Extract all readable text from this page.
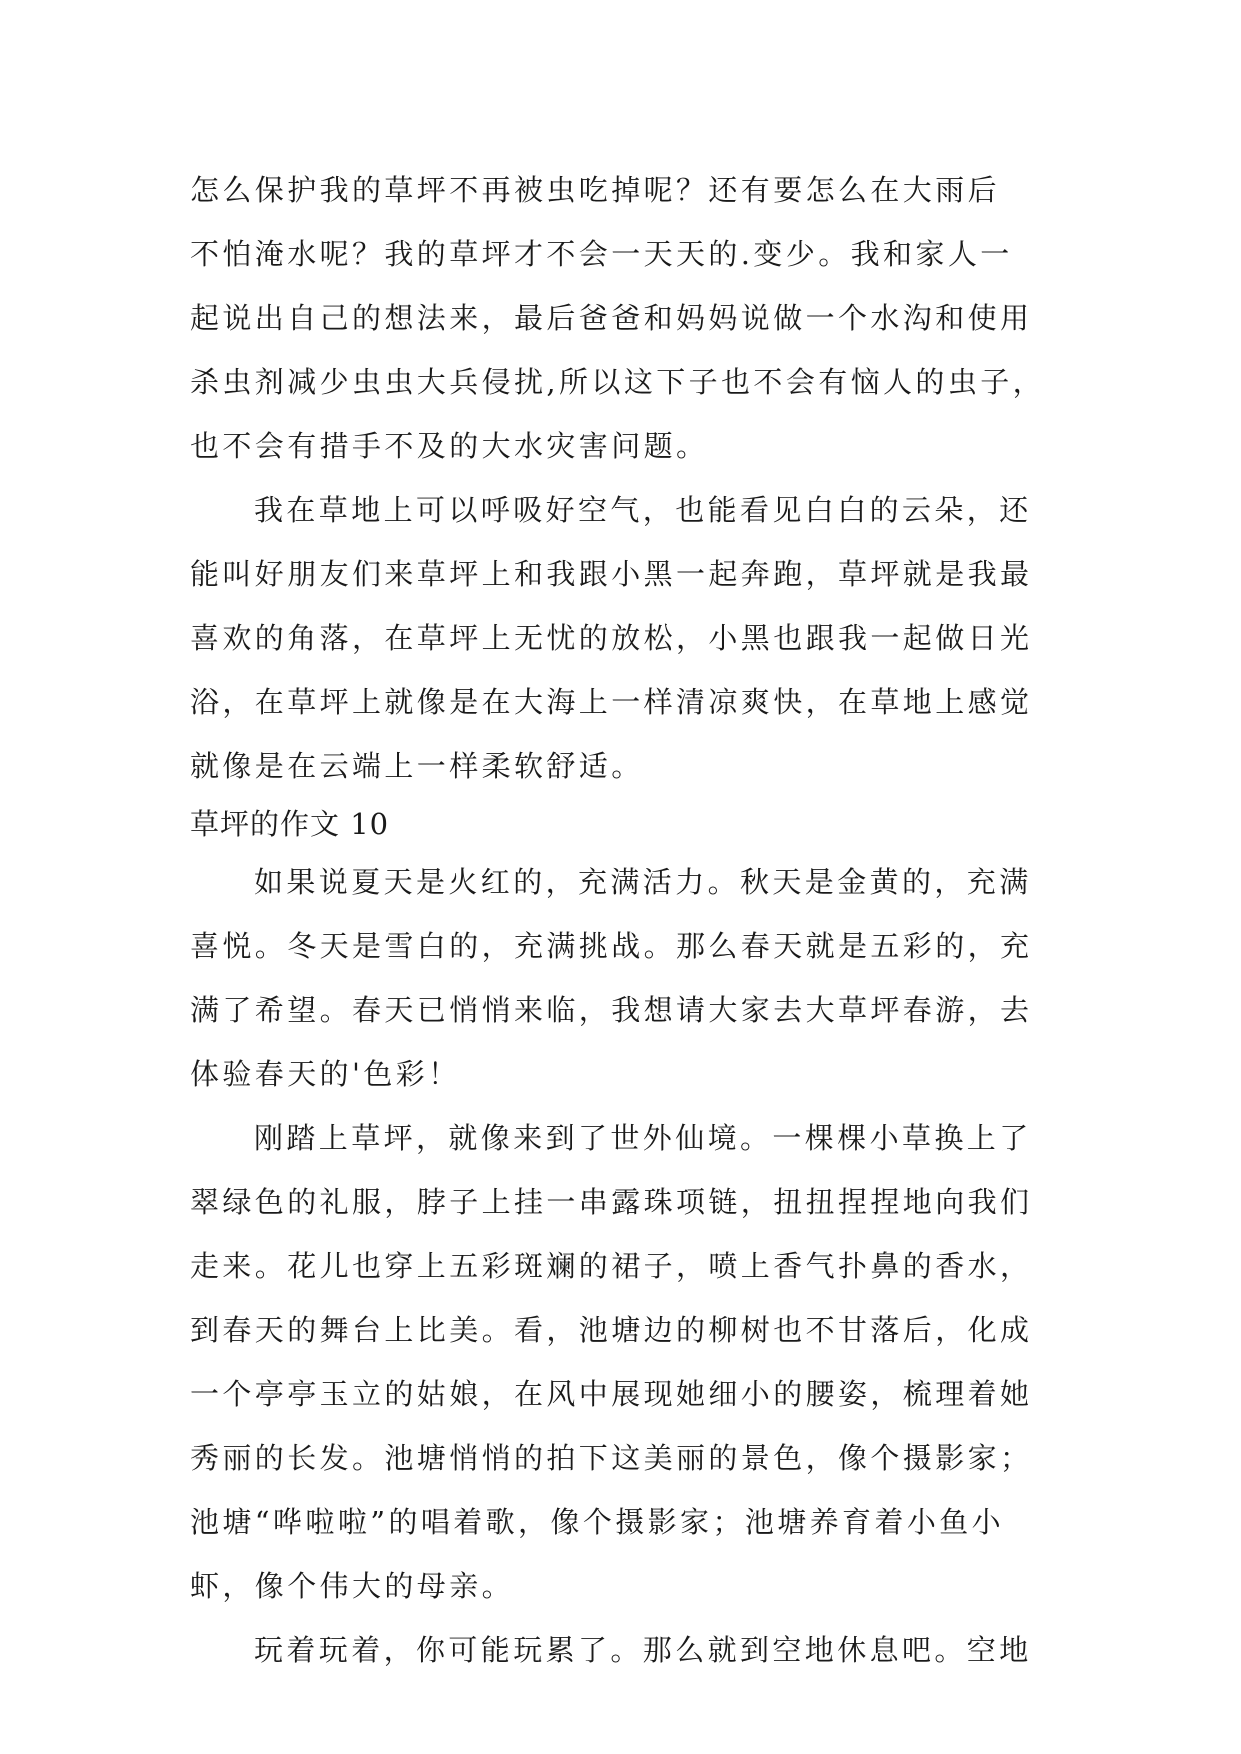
怎么保护我的草坪不再被虫吃掉呢？还有要怎么在大雨后
不怕淹水呢？我的草坪才不会一天天的.变少。我和家人一
起说出自己的想法来，最后爸爸和妈妈说做一个水沟和使用
杀虫剂减少虫虫大兵侵扰,所以这下子也不会有恼人的虫子，
也不会有措手不及的大水灾害问题。
我在草地上可以呼吸好空气，也能看见白白的云朵，还
能叫好朋友们来草坪上和我跟小黑一起奔跑，草坪就是我最
喜欢的角落，在草坪上无忧的放松，小黑也跟我一起做日光
浴，在草坪上就像是在大海上一样清凉爽快，在草地上感觉
就像是在云端上一样柔软舒适。
草坪的作文 10
如果说夏天是火红的，充满活力。秋天是金黄的，充满
喜悦。冬天是雪白的，充满挑战。那么春天就是五彩的，充
满了希望。春天已悄悄来临，我想请大家去大草坪春游，去
体验春天的'色彩！
刚踏上草坪，就像来到了世外仙境。一棵棵小草换上了
翠绿色的礼服，脖子上挂一串露珠项链，扭扭捏捏地向我们
走来。花儿也穿上五彩斑斓的裙子，喷上香气扑鼻的香水，
到春天的舞台上比美。看，池塘边的柳树也不甘落后，化成
一个亭亭玉立的姑娘，在风中展现她细小的腰姿，梳理着她
秀丽的长发。池塘悄悄的拍下这美丽的景色，像个摄影家；
池塘“哗啦啦”的唱着歌，像个摄影家；池塘养育着小鱼小
虾，像个伟大的母亲。
玩着玩着，你可能玩累了。那么就到空地休息吧。空地
